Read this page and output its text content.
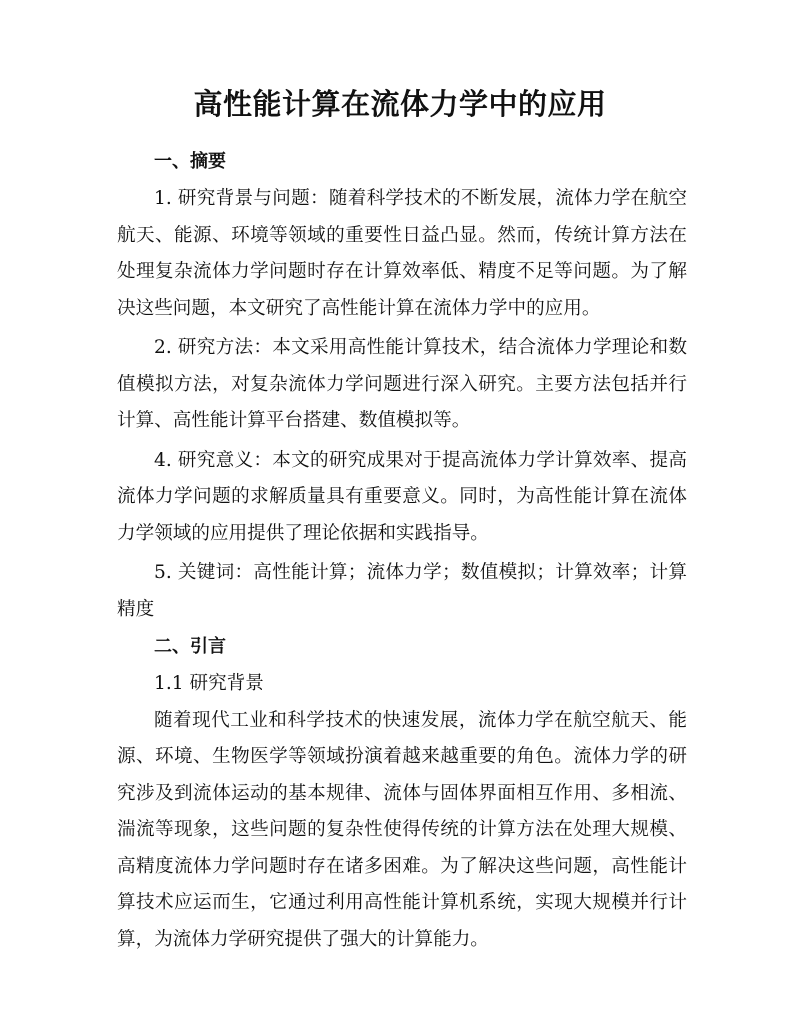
高性能计算在流体力学中的应用
一、摘要

1. 研究背景与问题：随着科学技术的不断发展，流体力学在航空航天、能源、环境等领域的重要性日益凸显。然而，传统计算方法在处理复杂流体力学问题时存在计算效率低、精度不足等问题。为了解决这些问题，本文研究了高性能计算在流体力学中的应用。

2. 研究方法：本文采用高性能计算技术，结合流体力学理论和数值模拟方法，对复杂流体力学问题进行深入研究。主要方法包括并行计算、高性能计算平台搭建、数值模拟等。

4. 研究意义：本文的研究成果对于提高流体力学计算效率、提高流体力学问题的求解质量具有重要意义。同时，为高性能计算在流体力学领域的应用提供了理论依据和实践指导。

5. 关键词：高性能计算；流体力学；数值模拟；计算效率；计算精度

二、引言

1.1 研究背景

随着现代工业和科学技术的快速发展，流体力学在航空航天、能源、环境、生物医学等领域扮演着越来越重要的角色。流体力学的研究涉及到流体运动的基本规律、流体与固体界面相互作用、多相流、湍流等现象，这些问题的复杂性使得传统的计算方法在处理大规模、高精度流体力学问题时存在诸多困难。为了解决这些问题，高性能计算技术应运而生，它通过利用高性能计算机系统，实现大规模并行计算，为流体力学研究提供了强大的计算能力。
